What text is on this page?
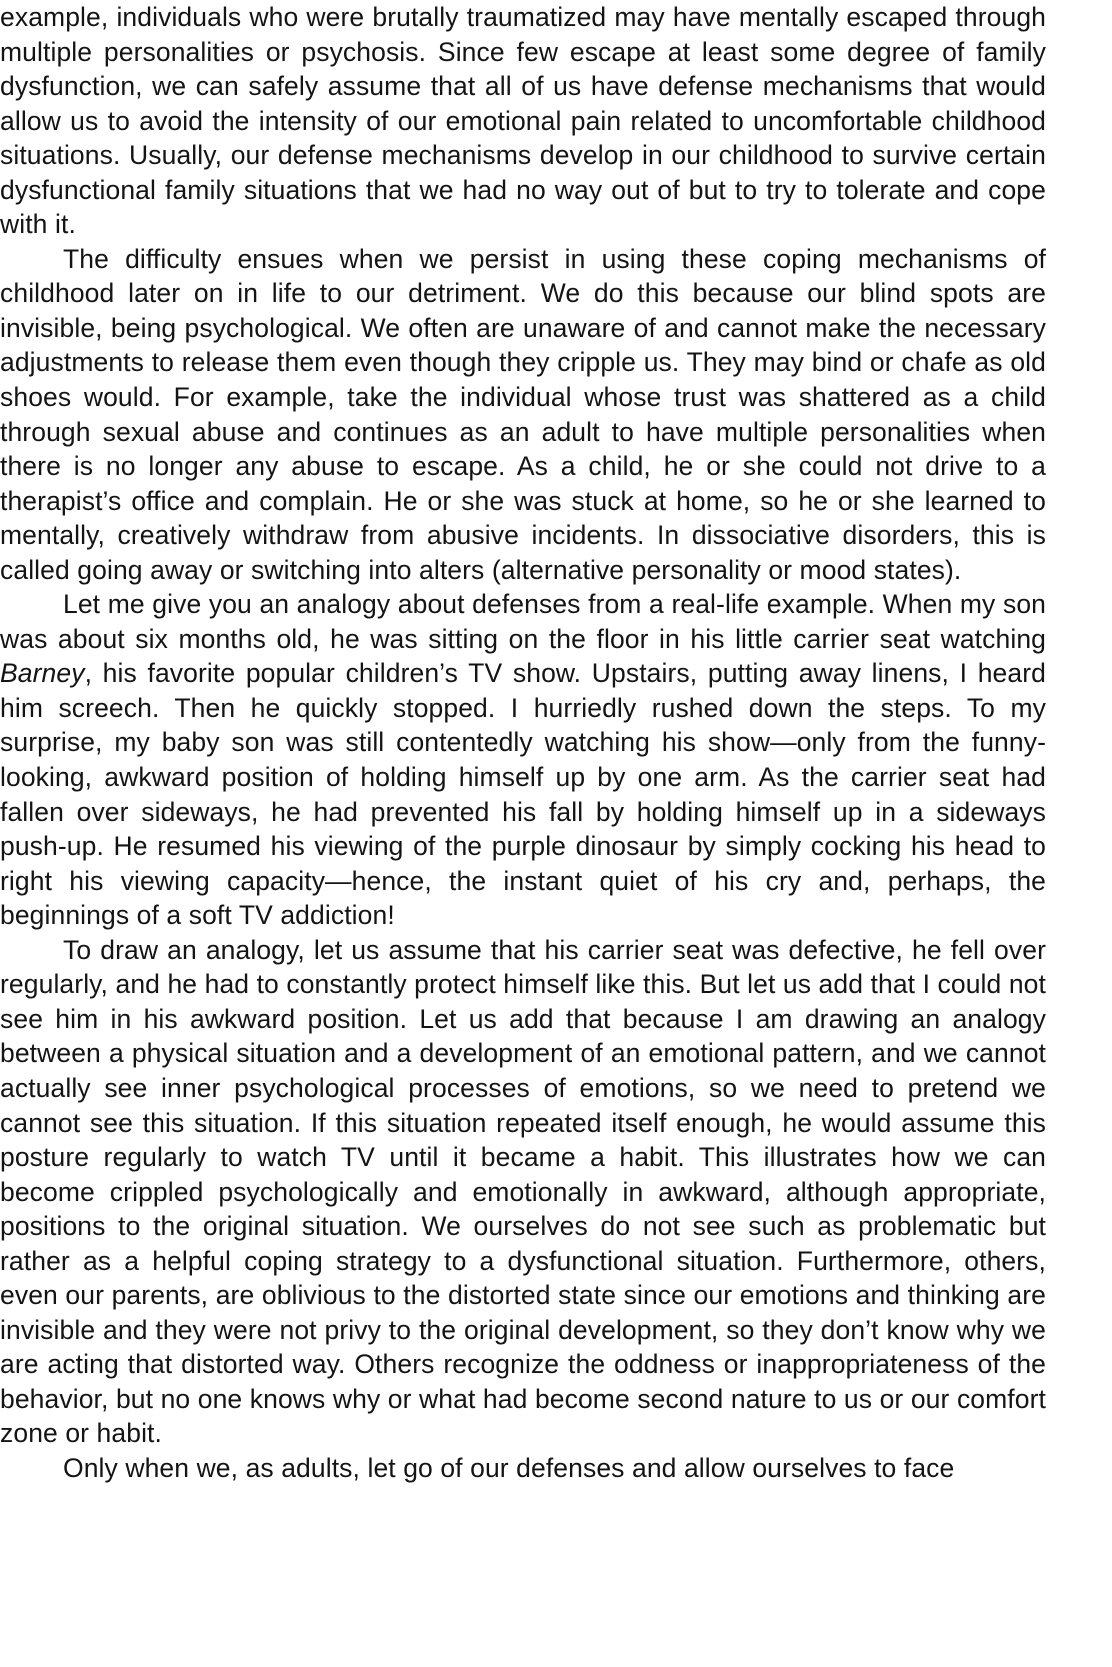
example, individuals who were brutally traumatized may have mentally escaped through multiple personalities or psychosis. Since few escape at least some degree of family dysfunction, we can safely assume that all of us have defense mechanisms that would allow us to avoid the intensity of our emotional pain related to uncomfortable childhood situations. Usually, our defense mechanisms develop in our childhood to survive certain dysfunctional family situations that we had no way out of but to try to tolerate and cope with it.

The difficulty ensues when we persist in using these coping mechanisms of childhood later on in life to our detriment. We do this because our blind spots are invisible, being psychological. We often are unaware of and cannot make the necessary adjustments to release them even though they cripple us. They may bind or chafe as old shoes would. For example, take the individual whose trust was shattered as a child through sexual abuse and continues as an adult to have multiple personalities when there is no longer any abuse to escape. As a child, he or she could not drive to a therapist’s office and complain. He or she was stuck at home, so he or she learned to mentally, creatively withdraw from abusive incidents. In dissociative disorders, this is called going away or switching into alters (alternative personality or mood states).

Let me give you an analogy about defenses from a real-life example. When my son was about six months old, he was sitting on the floor in his little carrier seat watching Barney, his favorite popular children’s TV show. Upstairs, putting away linens, I heard him screech. Then he quickly stopped. I hurriedly rushed down the steps. To my surprise, my baby son was still contentedly watching his show—only from the funny-looking, awkward position of holding himself up by one arm. As the carrier seat had fallen over sideways, he had prevented his fall by holding himself up in a sideways push-up. He resumed his viewing of the purple dinosaur by simply cocking his head to right his viewing capacity—hence, the instant quiet of his cry and, perhaps, the beginnings of a soft TV addiction!

To draw an analogy, let us assume that his carrier seat was defective, he fell over regularly, and he had to constantly protect himself like this. But let us add that I could not see him in his awkward position. Let us add that because I am drawing an analogy between a physical situation and a development of an emotional pattern, and we cannot actually see inner psychological processes of emotions, so we need to pretend we cannot see this situation. If this situation repeated itself enough, he would assume this posture regularly to watch TV until it became a habit. This illustrates how we can become crippled psychologically and emotionally in awkward, although appropriate, positions to the original situation. We ourselves do not see such as problematic but rather as a helpful coping strategy to a dysfunctional situation. Furthermore, others, even our parents, are oblivious to the distorted state since our emotions and thinking are invisible and they were not privy to the original development, so they don’t know why we are acting that distorted way. Others recognize the oddness or inappropriateness of the behavior, but no one knows why or what had become second nature to us or our comfort zone or habit.

Only when we, as adults, let go of our defenses and allow ourselves to face
